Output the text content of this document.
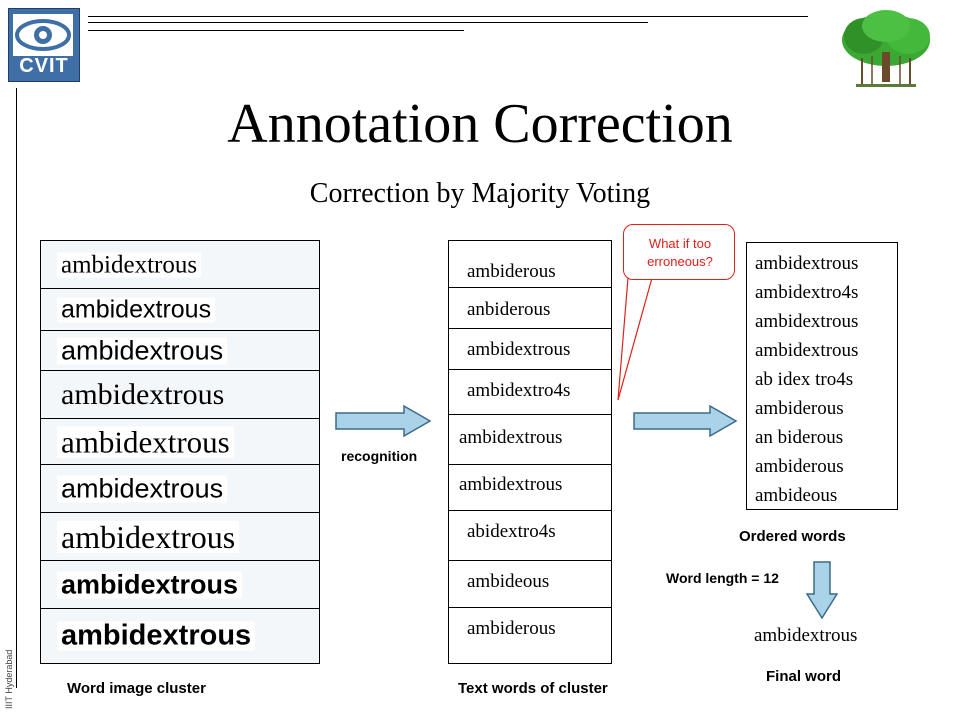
CVIT
IIIT Hyderabad
Annotation Correction
Correction by Majority Voting
ambidextrous
ambidextrous
ambidextrous
ambidextrous
ambidextrous
ambidextrous
ambidextrous
ambidextrous
ambidextrous
Word image cluster
recognition
ambiderous
anbiderous
ambidextrous
ambidextro4s
ambidextrous
ambidextrous
abidextro4s
ambideous
ambiderous
Text words of cluster
What if too
erroneous?	ambidextrous
ambidextro4s
ambidextrous
ambidextrous
ab idex tro4s
ambiderous
an biderous
ambiderous
ambideous
Ordered words
Word length = 12
ambidextrous
Final word
